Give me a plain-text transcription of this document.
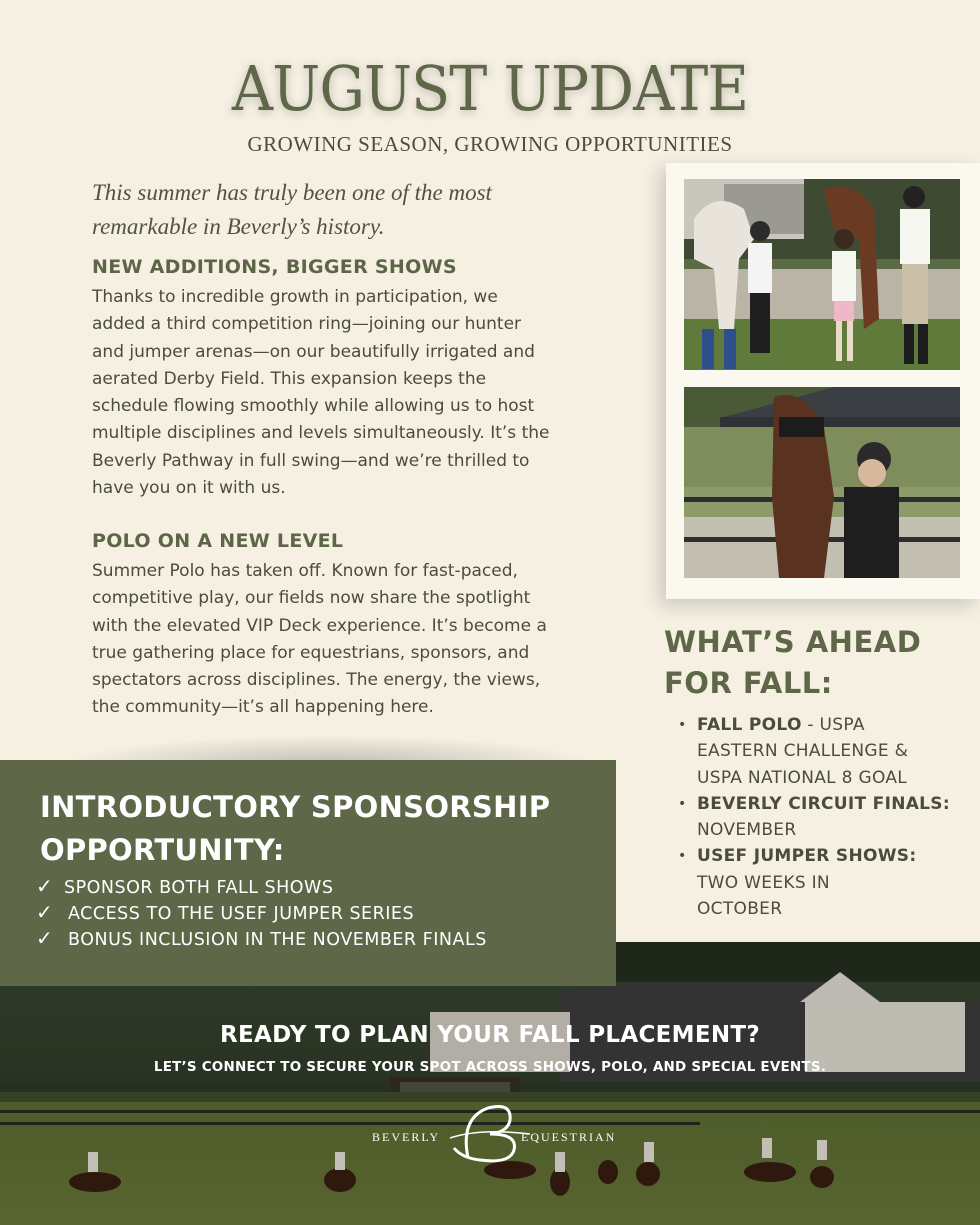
AUGUST UPDATE
GROWING SEASON, GROWING OPPORTUNITIES
This summer has truly been one of the most
remarkable in Beverly’s history.
NEW ADDITIONS, BIGGER SHOWS
Thanks to incredible growth in participation, we
added a third competition ring—joining our hunter
and jumper arenas—on our beautifully irrigated and
aerated Derby Field. This expansion keeps the
schedule flowing smoothly while allowing us to host
multiple disciplines and levels simultaneously. It’s the
Beverly Pathway in full swing—and we’re thrilled to
have you on it with us.
POLO ON A NEW LEVEL
Summer Polo has taken off. Known for fast-paced,
competitive play, our fields now share the spotlight
with the elevated VIP Deck experience. It’s become a
true gathering place for equestrians, sponsors, and
spectators across disciplines. The energy, the views,
the community—it’s all happening here.
WHAT’S AHEAD
FOR FALL:
• FALL POLO - USPA
EASTERN CHALLENGE &
USPA NATIONAL 8 GOAL
• BEVERLY CIRCUIT FINALS:
NOVEMBER
• USEF JUMPER SHOWS:
TWO WEEKS IN
OCTOBER
READY TO PLAN YOUR FALL PLACEMENT?
LET’S CONNECT TO SECURE YOUR SPOT ACROSS SHOWS, POLO, AND SPECIAL EVENTS.
BEVERLY	EQUESTRIAN
INTRODUCTORY SPONSORSHIP
OPPORTUNITY:
✓ SPONSOR BOTH FALL SHOWS
✓ ACCESS TO THE USEF JUMPER SERIES
✓ BONUS INCLUSION IN THE NOVEMBER FINALS
